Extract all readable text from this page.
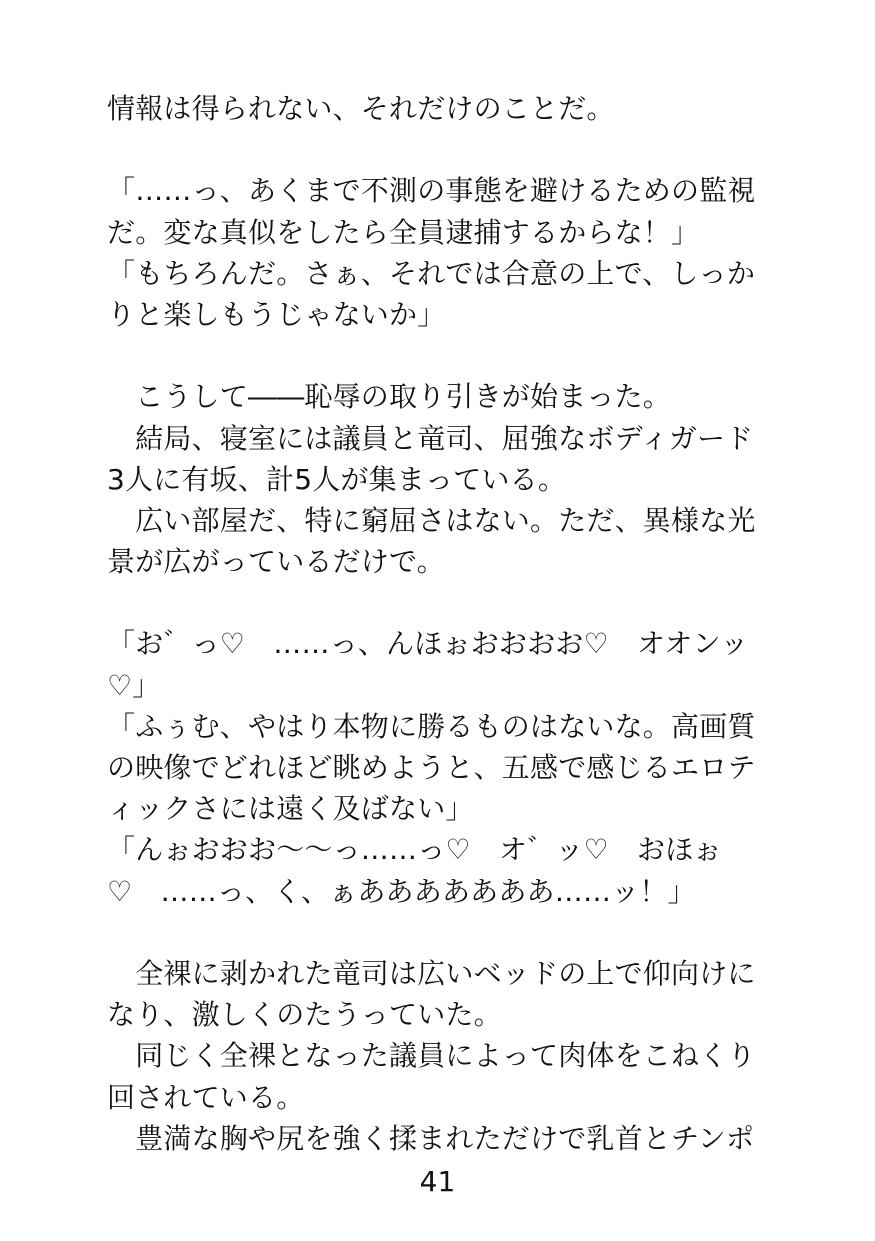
情報は得られない、それだけのことだ。
「……っ、あくまで不測の事態を避けるための監視
だ。変な真似をしたら全員逮捕するからな！」
「もちろんだ。さぁ、それでは合意の上で、しっか
りと楽しもうじゃないか」
　こうして――恥辱の取り引きが始まった。
　結局、寝室には議員と竜司、屈強なボディガード
3人に有坂、計5人が集まっている。
　広い部屋だ、特に窮屈さはない。ただ、異様な光
景が広がっているだけで。
「お゛っ♡　……っ、んほぉおおおお♡　オオンッ
♡」
「ふぅむ、やはり本物に勝るものはないな。高画質
の映像でどれほど眺めようと、五感で感じるエロテ
ィックさには遠く及ばない」
「んぉおおお〜〜っ……っ♡　オ゛ッ♡　おほぉ
♡　……っ、く、ぁあああああああ……ッ！」
　全裸に剥かれた竜司は広いベッドの上で仰向けに
なり、激しくのたうっていた。
　同じく全裸となった議員によって肉体をこねくり
回されている。
　豊満な胸や尻を強く揉まれただけで乳首とチンポ
41
